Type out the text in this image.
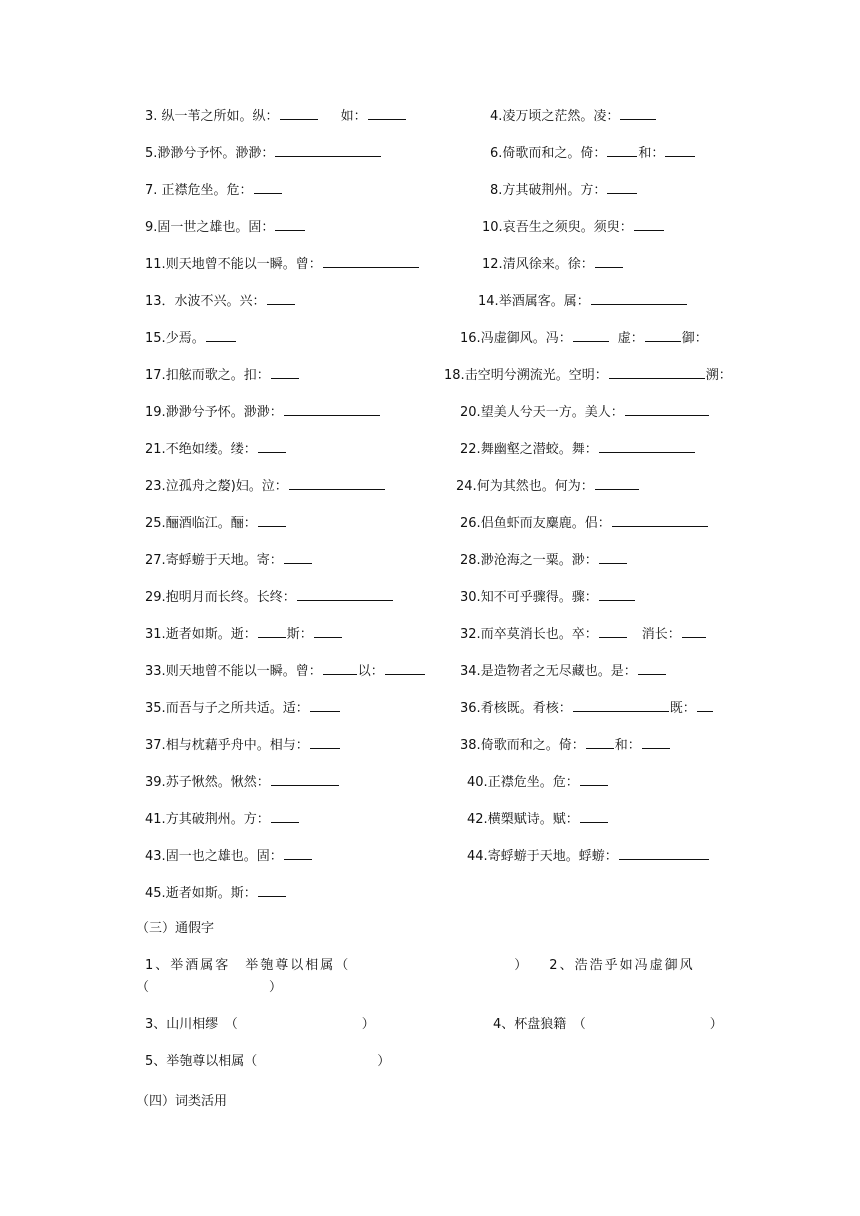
3. 纵一苇之所如。纵：	如：	4.凌万顷之茫然。凌：
5.渺渺兮予怀。渺渺：	6.倚歌而和之。倚： 和：
7. 正襟危坐。危：	8.方其破荆州。方：
9.固一世之雄也。固：	10.哀吾生之须臾。须臾：
11.则天地曾不能以一瞬。曾：	12.清风徐来。徐：
13．水波不兴。兴：	14.举酒属客。属：
15.少焉。	16.冯虚御风。冯：	虚：	御：
17.扣舷而歌之。扣：	18.击空明兮溯流光。空明：	溯：
19.渺渺兮予怀。渺渺：	20.望美人兮天一方。美人：
21.不绝如缕。缕：	22.舞幽壑之潜蛟。舞：
23.泣孤舟之嫠)妇。泣：	24.何为其然也。何为：
25.酾酒临江。酾：	26.侣鱼虾而友麋鹿。侣：
27.寄蜉蝣于天地。寄：	28.渺沧海之一粟。渺：
29.抱明月而长终。长终：	30.知不可乎骤得。骤：
31.逝者如斯。逝： 斯：	32.而卒莫消长也。卒：	消长：
33.则天地曾不能以一瞬。曾：	以：	34.是造物者之无尽藏也。是：
35.而吾与子之所共适。适：	36.肴核既。肴核：	既：
37.相与枕藉乎舟中。相与：	38.倚歌而和之。倚： 和：
39.苏子愀然。愀然：	40.正襟危坐。危：
41.方其破荆州。方：	42.横槊赋诗。赋：
43.固一也之雄也。固：	44.寄蜉蝣于天地。蜉蝣：
45.逝者如斯。斯：
（三）通假字
1、举酒属客　举匏尊以相属（	） 2、浩浩乎如冯虚御风
（	）
3、山川相缪　（	）	4、杯盘狼籍　（	）
5、举匏尊以相属（	）
（四）词类活用
